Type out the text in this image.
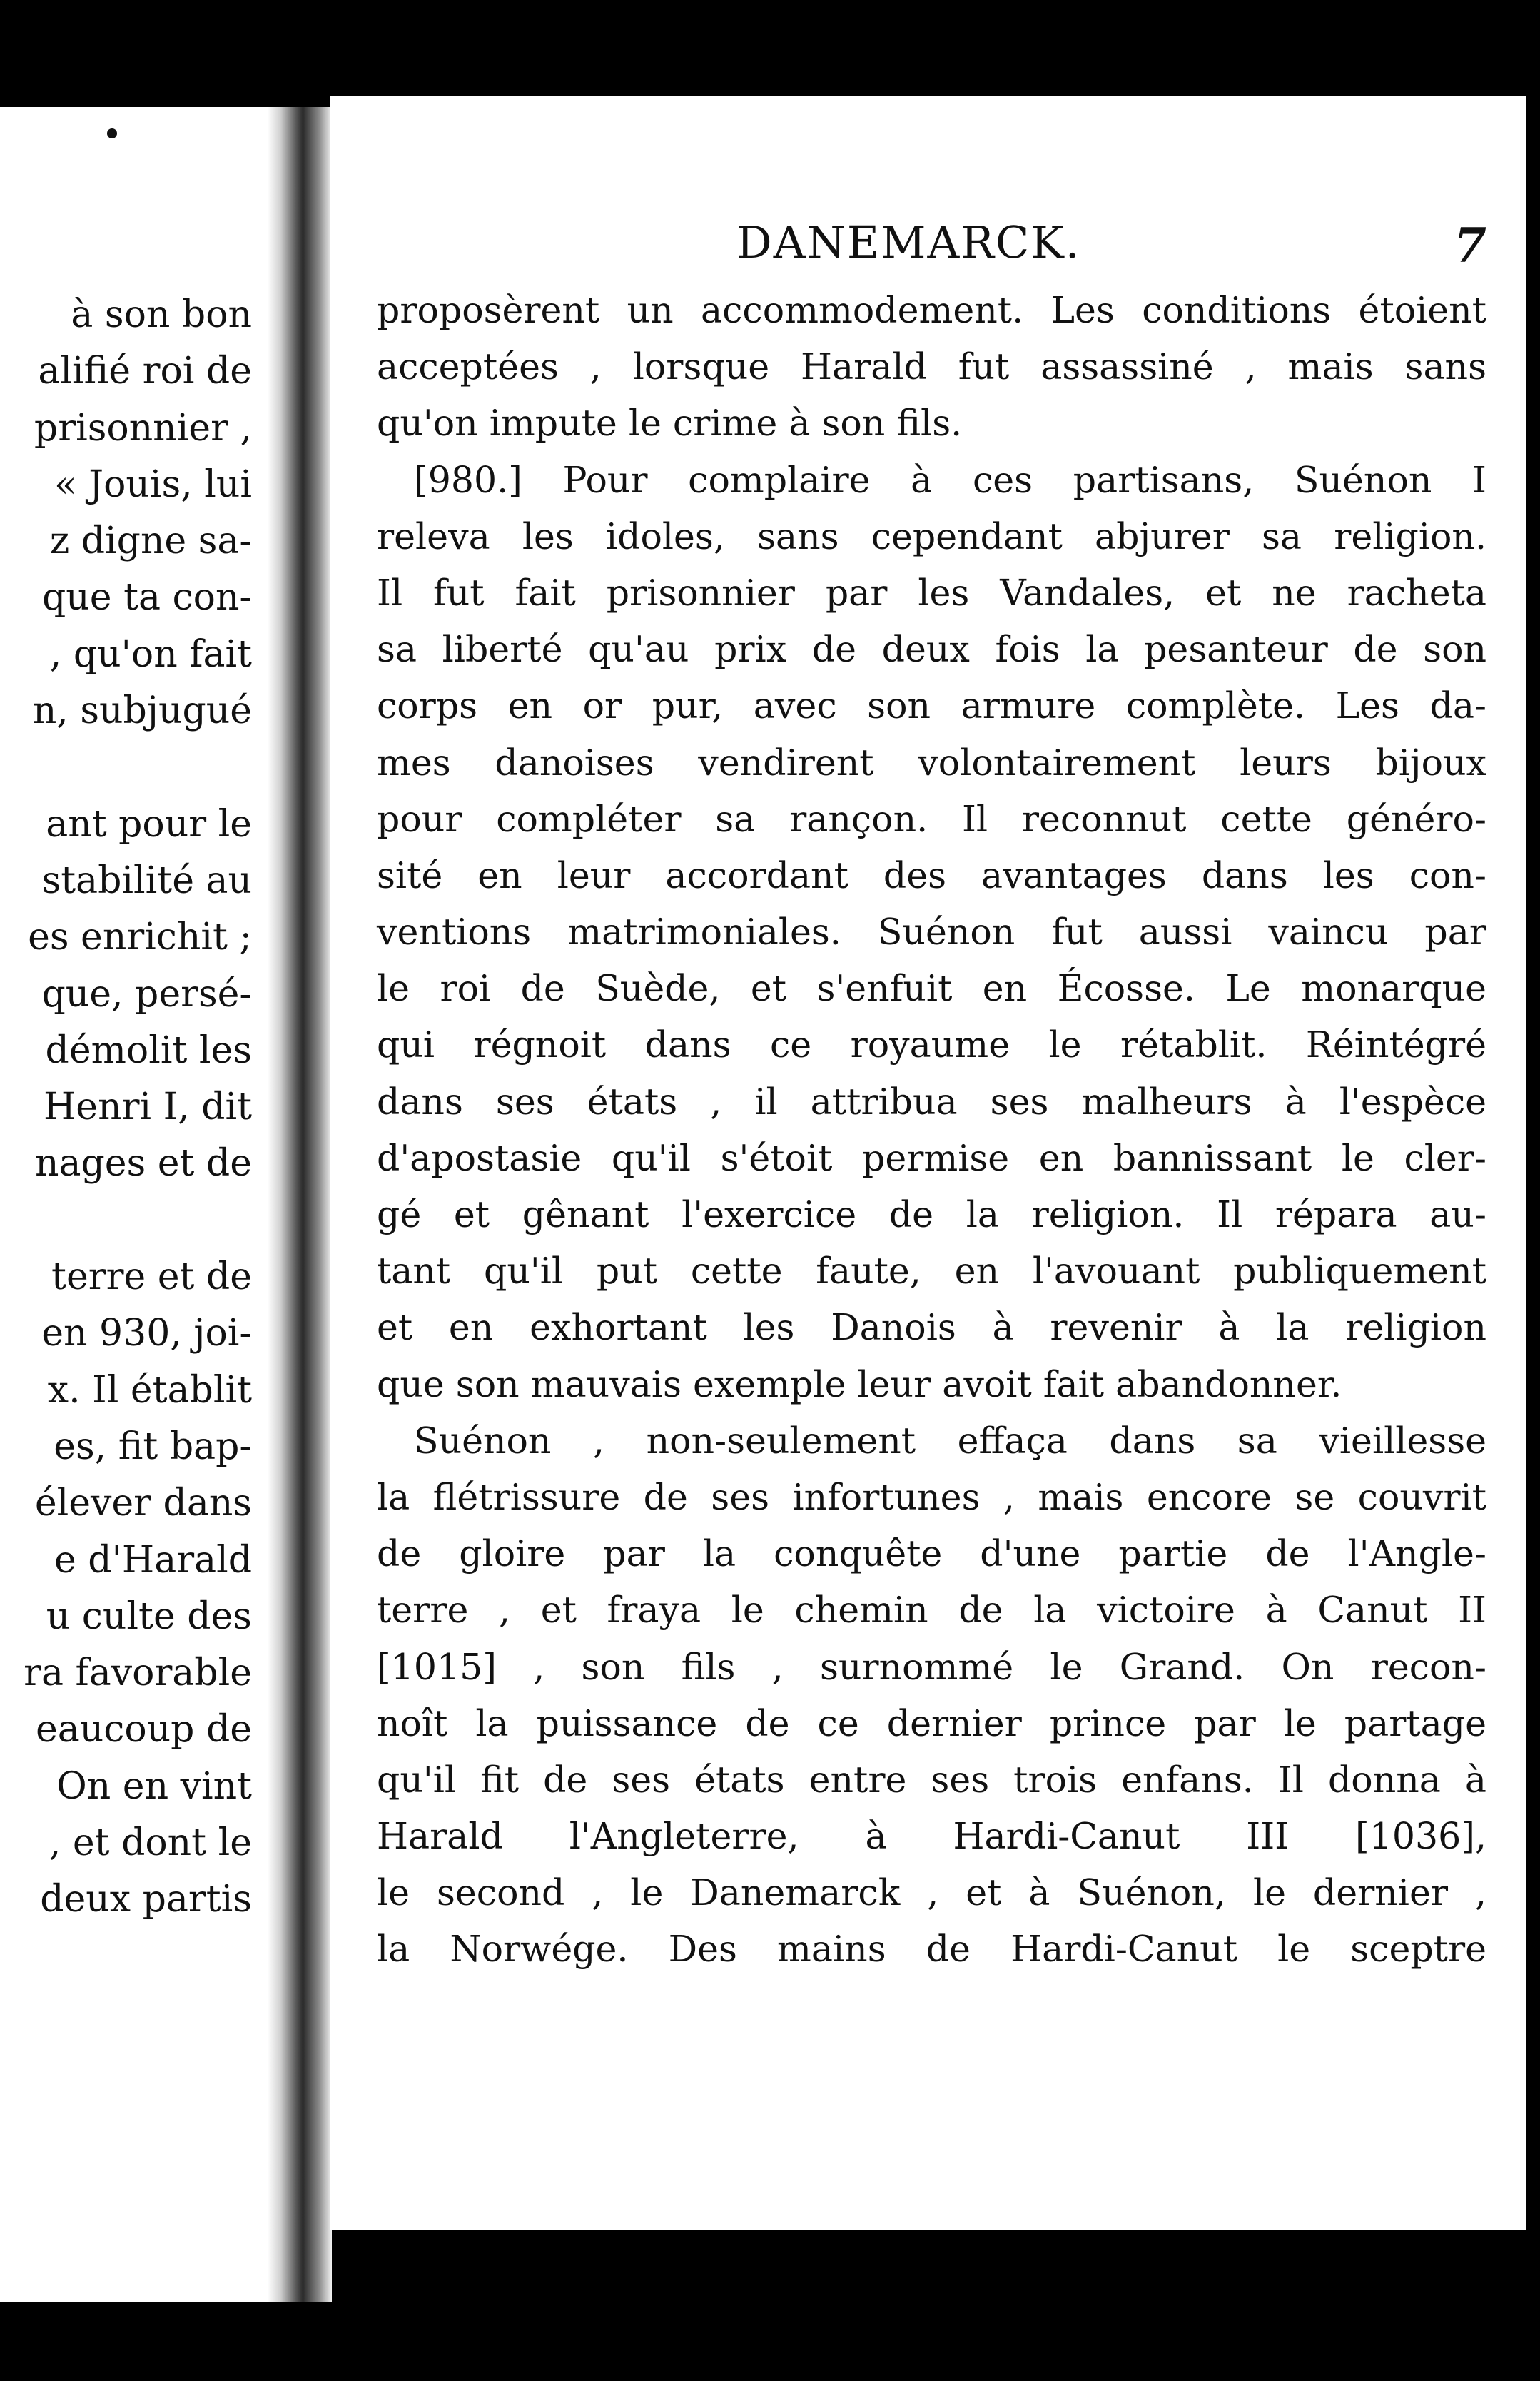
à son bon
alifié roi de
prisonnier ,
« Jouis, lui
z digne sa-
que ta con-
, qu'on fait
n, subjugué
ant pour le
stabilité au
es enrichit ;
que, persé-
démolit les
Henri I, dit
nages et de
terre et de
en 930, joi-
x. Il établit
es, fit bap-
élever dans
e d'Harald
u culte des
ra favorable
eaucoup de
On en vint
, et dont le
deux partis
DANEMARCK.	7
proposèrent un accommodement. Les conditions étoient
acceptées , lorsque Harald fut assassiné , mais sans
qu'on impute le crime à son fils.
[980.] Pour complaire à ces partisans, Suénon I
releva les idoles, sans cependant abjurer sa religion.
Il fut fait prisonnier par les Vandales, et ne racheta
sa liberté qu'au prix de deux fois la pesanteur de son
corps en or pur, avec son armure complète. Les da-
mes danoises vendirent volontairement leurs bijoux
pour compléter sa rançon. Il reconnut cette généro-
sité en leur accordant des avantages dans les con-
ventions matrimoniales. Suénon fut aussi vaincu par
le roi de Suède, et s'enfuit en Écosse. Le monarque
qui régnoit dans ce royaume le rétablit. Réintégré
dans ses états , il attribua ses malheurs à l'espèce
d'apostasie qu'il s'étoit permise en bannissant le cler-
gé et gênant l'exercice de la religion. Il répara au-
tant qu'il put cette faute, en l'avouant publiquement
et en exhortant les Danois à revenir à la religion
que son mauvais exemple leur avoit fait abandonner.
Suénon , non-seulement effaça dans sa vieillesse
la flétrissure de ses infortunes , mais encore se couvrit
de gloire par la conquête d'une partie de l'Angle-
terre , et fraya le chemin de la victoire à Canut II
[1015] , son fils , surnommé le Grand. On recon-
noît la puissance de ce dernier prince par le partage
qu'il fit de ses états entre ses trois enfans. Il donna à
Harald l'Angleterre, à Hardi-Canut III [1036],
le second , le Danemarck , et à Suénon, le dernier ,
la Norwége. Des mains de Hardi-Canut le sceptre
